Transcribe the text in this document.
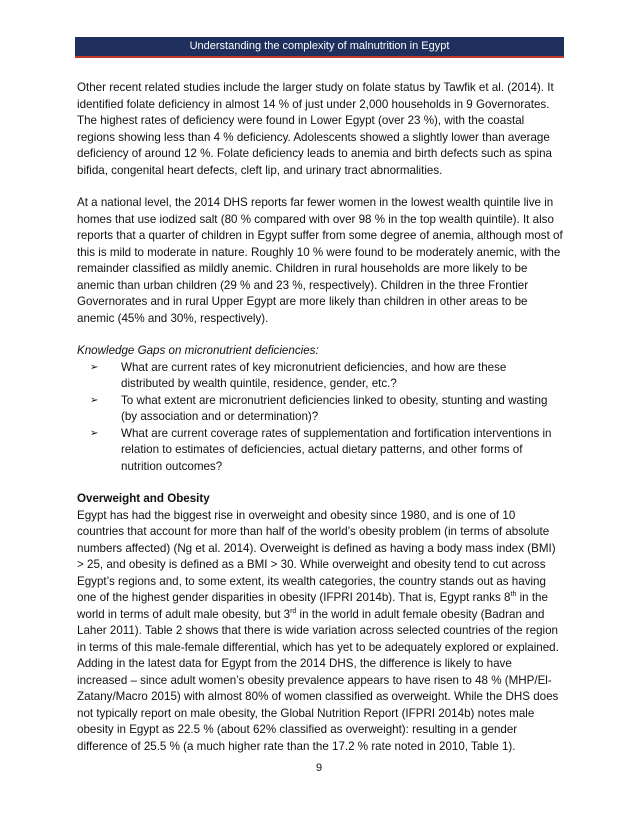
Understanding the complexity of malnutrition in Egypt

Other recent related studies include the larger study on folate status by Tawfik et al. (2014). It identified folate deficiency in almost 14 % of just under 2,000 households in 9 Governorates. The highest rates of deficiency were found in Lower Egypt (over 23 %), with the coastal regions showing less than 4 % deficiency. Adolescents showed a slightly lower than average deficiency of around 12 %. Folate deficiency leads to anemia and birth defects such as spina bifida, congenital heart defects, cleft lip, and urinary tract abnormalities.

At a national level, the 2014 DHS reports far fewer women in the lowest wealth quintile live in homes that use iodized salt (80 % compared with over 98 % in the top wealth quintile). It also reports that a quarter of children in Egypt suffer from some degree of anemia, although most of this is mild to moderate in nature. Roughly 10 % were found to be moderately anemic, with the remainder classified as mildly anemic. Children in rural households are more likely to be anemic than urban children (29 % and 23 %, respectively). Children in the three Frontier Governorates and in rural Upper Egypt are more likely than children in other areas to be anemic (45% and 30%, respectively).

Knowledge Gaps on micronutrient deficiencies:

➢ What are current rates of key micronutrient deficiencies, and how are these distributed by wealth quintile, residence, gender, etc.?
➢ To what extent are micronutrient deficiencies linked to obesity, stunting and wasting (by association and or determination)?
➢ What are current coverage rates of supplementation and fortification interventions in relation to estimates of deficiencies, actual dietary patterns, and other forms of nutrition outcomes?

Overweight and Obesity

Egypt has had the biggest rise in overweight and obesity since 1980, and is one of 10 countries that account for more than half of the world’s obesity problem (in terms of absolute numbers affected) (Ng et al. 2014). Overweight is defined as having a body mass index (BMI) > 25, and obesity is defined as a BMI > 30. While overweight and obesity tend to cut across Egypt’s regions and, to some extent, its wealth categories, the country stands out as having one of the highest gender disparities in obesity (IFPRI 2014b). That is, Egypt ranks 8th in the world in terms of adult male obesity, but 3rd in the world in adult female obesity (Badran and Laher 2011). Table 2 shows that there is wide variation across selected countries of the region in terms of this male-female differential, which has yet to be adequately explored or explained. Adding in the latest data for Egypt from the 2014 DHS, the difference is likely to have increased – since adult women’s obesity prevalence appears to have risen to 48 % (MHP/El-Zatany/Macro 2015) with almost 80% of women classified as overweight. While the DHS does not typically report on male obesity, the Global Nutrition Report (IFPRI 2014b) notes male obesity in Egypt as 22.5 % (about 62% classified as overweight): resulting in a gender difference of 25.5 % (a much higher rate than the 17.2 % rate noted in 2010, Table 1).

9
